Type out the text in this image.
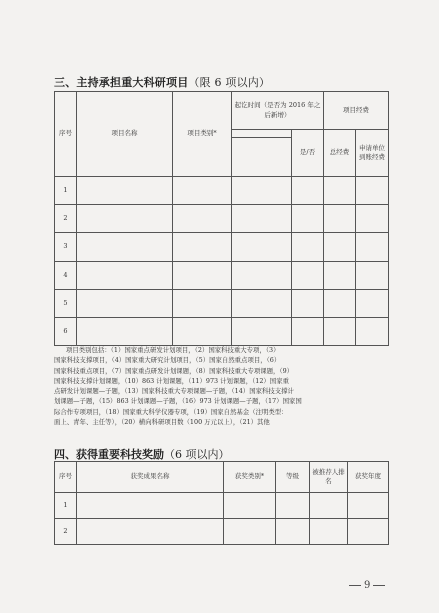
三、主持承担重大科研项目（限 6 项以内）
序号	项目名称	项目类别*	起讫时间（是否为 2016 年之后新增）		项目经费	
				是/否	总经费	申请单位到账经费

1						
2						
3						
4						
5						
6						
项目类别包括：（1）国家重点研发计划项目，（2）国家科技重大专项，（3）
国家科技支撑项目，（4）国家重大研究计划项目，（5）国家自然重点项目，（6）
国家科技重点项目，（7）国家重点研发计划课题，（8）国家科技重大专项课题，（9）
国家科技支撑计划课题，（10）863 计划课题，（11）973 计划课题，（12）国家重
点研发计划课题—子题，（13）国家科技重大专项课题—子题，（14）国家科技支撑计
划课题—子题，（15）863 计划课题—子题，（16）973 计划课题—子题，（17）国家国
际合作专项项目，（18）国家重大科学仪器专项，（19）国家自然基金（注明类型：
面上、青年、主任等），（20）横向科研项目数（100 万元以上），（21）其他
四、获得重要科技奖励（6 项以内）
序号	获奖成果名称	获奖类别*	等级	被推荐人排名	获奖年度
1					
2					
9
